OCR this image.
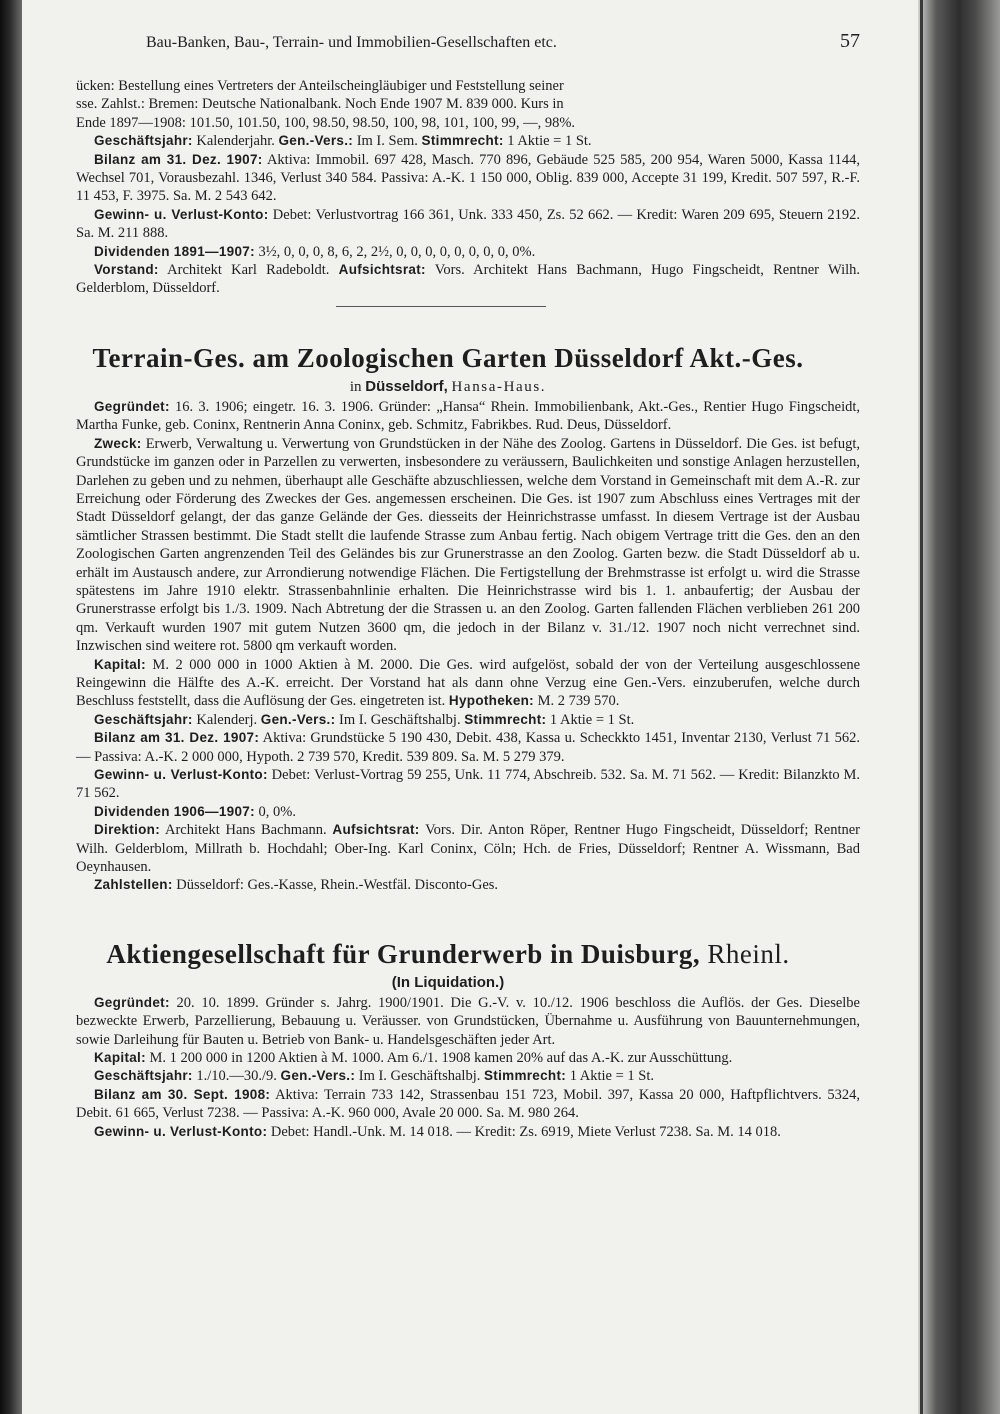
Bau-Banken, Bau-, Terrain- und Immobilien-Gesellschaften etc.	57
ücken: Bestellung eines Vertreters der Anteilscheingläubiger und Feststellung seiner
sse. Zahlst.: Bremen: Deutsche Nationalbank. Noch Ende 1907 M. 839 000. Kurs in
Ende 1897—1908: 101.50, 101.50, 100, 98.50, 98.50, 100, 98, 101, 100, 99, —, 98%.

Geschäftsjahr: Kalenderjahr. Gen.-Vers.: Im I. Sem. Stimmrecht: 1 Aktie = 1 St.

Bilanz am 31. Dez. 1907: Aktiva: Immobil. 697 428, Masch. 770 896, Gebäude 525 585, 200 954, Waren 5000, Kassa 1144, Wechsel 701, Vorausbezahl. 1346, Verlust 340 584. Passiva: A.-K. 1 150 000, Oblig. 839 000, Accepte 31 199, Kredit. 507 597, R.-F. 11 453, F. 3975. Sa. M. 2 543 642.

Gewinn- u. Verlust-Konto: Debet: Verlustvortrag 166 361, Unk. 333 450, Zs. 52 662. — Kredit: Waren 209 695, Steuern 2192. Sa. M. 211 888.

Dividenden 1891—1907: 3½, 0, 0, 0, 8, 6, 2, 2½, 0, 0, 0, 0, 0, 0, 0, 0, 0%.

Vorstand: Architekt Karl Radeboldt. Aufsichtsrat: Vors. Architekt Hans Bachmann, Hugo Fingscheidt, Rentner Wilh. Gelderblom, Düsseldorf.

Terrain-Ges. am Zoologischen Garten Düsseldorf Akt.-Ges.
in Düsseldorf, Hansa-Haus.

Gegründet: 16. 3. 1906; eingetr. 16. 3. 1906. Gründer: „Hansa“ Rhein. Immobilienbank, Akt.-Ges., Rentier Hugo Fingscheidt, Martha Funke, geb. Coninx, Rentnerin Anna Coninx, geb. Schmitz, Fabrikbes. Rud. Deus, Düsseldorf.

Zweck: Erwerb, Verwaltung u. Verwertung von Grundstücken in der Nähe des Zoolog. Gartens in Düsseldorf. Die Ges. ist befugt, Grundstücke im ganzen oder in Parzellen zu verwerten, insbesondere zu veräussern, Baulichkeiten und sonstige Anlagen herzustellen, Darlehen zu geben und zu nehmen, überhaupt alle Geschäfte abzuschliessen, welche dem Vorstand in Gemeinschaft mit dem A.-R. zur Erreichung oder Förderung des Zweckes der Ges. angemessen erscheinen. Die Ges. ist 1907 zum Abschluss eines Vertrages mit der Stadt Düsseldorf gelangt, der das ganze Gelände der Ges. diesseits der Heinrichstrasse umfasst. In diesem Vertrage ist der Ausbau sämtlicher Strassen bestimmt. Die Stadt stellt die laufende Strasse zum Anbau fertig. Nach obigem Vertrage tritt die Ges. den an den Zoologischen Garten angrenzenden Teil des Geländes bis zur Grunerstrasse an den Zoolog. Garten bezw. die Stadt Düsseldorf ab u. erhält im Austausch andere, zur Arrondierung notwendige Flächen. Die Fertigstellung der Brehmstrasse ist erfolgt u. wird die Strasse spätestens im Jahre 1910 elektr. Strassenbahnlinie erhalten. Die Heinrichstrasse wird bis 1. 1. anbaufertig; der Ausbau der Grunerstrasse erfolgt bis 1./3. 1909. Nach Abtretung der die Strassen u. an den Zoolog. Garten fallenden Flächen verblieben 261 200 qm. Verkauft wurden 1907 mit gutem Nutzen 3600 qm, die jedoch in der Bilanz v. 31./12. 1907 noch nicht verrechnet sind. Inzwischen sind weitere rot. 5800 qm verkauft worden.

Kapital: M. 2 000 000 in 1000 Aktien à M. 2000. Die Ges. wird aufgelöst, sobald der von der Verteilung ausgeschlossene Reingewinn die Hälfte des A.-K. erreicht. Der Vorstand hat als dann ohne Verzug eine Gen.-Vers. einzuberufen, welche durch Beschluss feststellt, dass die Auflösung der Ges. eingetreten ist. Hypotheken: M. 2 739 570.

Geschäftsjahr: Kalenderj. Gen.-Vers.: Im I. Geschäftshalbj. Stimmrecht: 1 Aktie = 1 St.

Bilanz am 31. Dez. 1907: Aktiva: Grundstücke 5 190 430, Debit. 438, Kassa u. Scheckkto 1451, Inventar 2130, Verlust 71 562. — Passiva: A.-K. 2 000 000, Hypoth. 2 739 570, Kredit. 539 809. Sa. M. 5 279 379.

Gewinn- u. Verlust-Konto: Debet: Verlust-Vortrag 59 255, Unk. 11 774, Abschreib. 532. Sa. M. 71 562. — Kredit: Bilanzkto M. 71 562.

Dividenden 1906—1907: 0, 0%.

Direktion: Architekt Hans Bachmann. Aufsichtsrat: Vors. Dir. Anton Röper, Rentner Hugo Fingscheidt, Düsseldorf; Rentner Wilh. Gelderblom, Millrath b. Hochdahl; Ober-Ing. Karl Coninx, Cöln; Hch. de Fries, Düsseldorf; Rentner A. Wissmann, Bad Oeynhausen.

Zahlstellen: Düsseldorf: Ges.-Kasse, Rhein.-Westfäl. Disconto-Ges.

Aktiengesellschaft für Grunderwerb in Duisburg, Rheinl.
(In Liquidation.)

Gegründet: 20. 10. 1899. Gründer s. Jahrg. 1900/1901. Die G.-V. v. 10./12. 1906 beschloss die Auflös. der Ges. Dieselbe bezweckte Erwerb, Parzellierung, Bebauung u. Veräusser. von Grundstücken, Übernahme u. Ausführung von Bauunternehmungen, sowie Darleihung für Bauten u. Betrieb von Bank- u. Handelsgeschäften jeder Art.

Kapital: M. 1 200 000 in 1200 Aktien à M. 1000. Am 6./1. 1908 kamen 20% auf das A.-K. zur Ausschüttung.

Geschäftsjahr: 1./10.—30./9. Gen.-Vers.: Im I. Geschäftshalbj. Stimmrecht: 1 Aktie = 1 St.

Bilanz am 30. Sept. 1908: Aktiva: Terrain 733 142, Strassenbau 151 723, Mobil. 397, Kassa 20 000, Haftpflichtvers. 5324, Debit. 61 665, Verlust 7238. — Passiva: A.-K. 960 000, Avale 20 000. Sa. M. 980 264.

Gewinn- u. Verlust-Konto: Debet: Handl.-Unk. M. 14 018. — Kredit: Zs. 6919, Miete Verlust 7238. Sa. M. 14 018.
